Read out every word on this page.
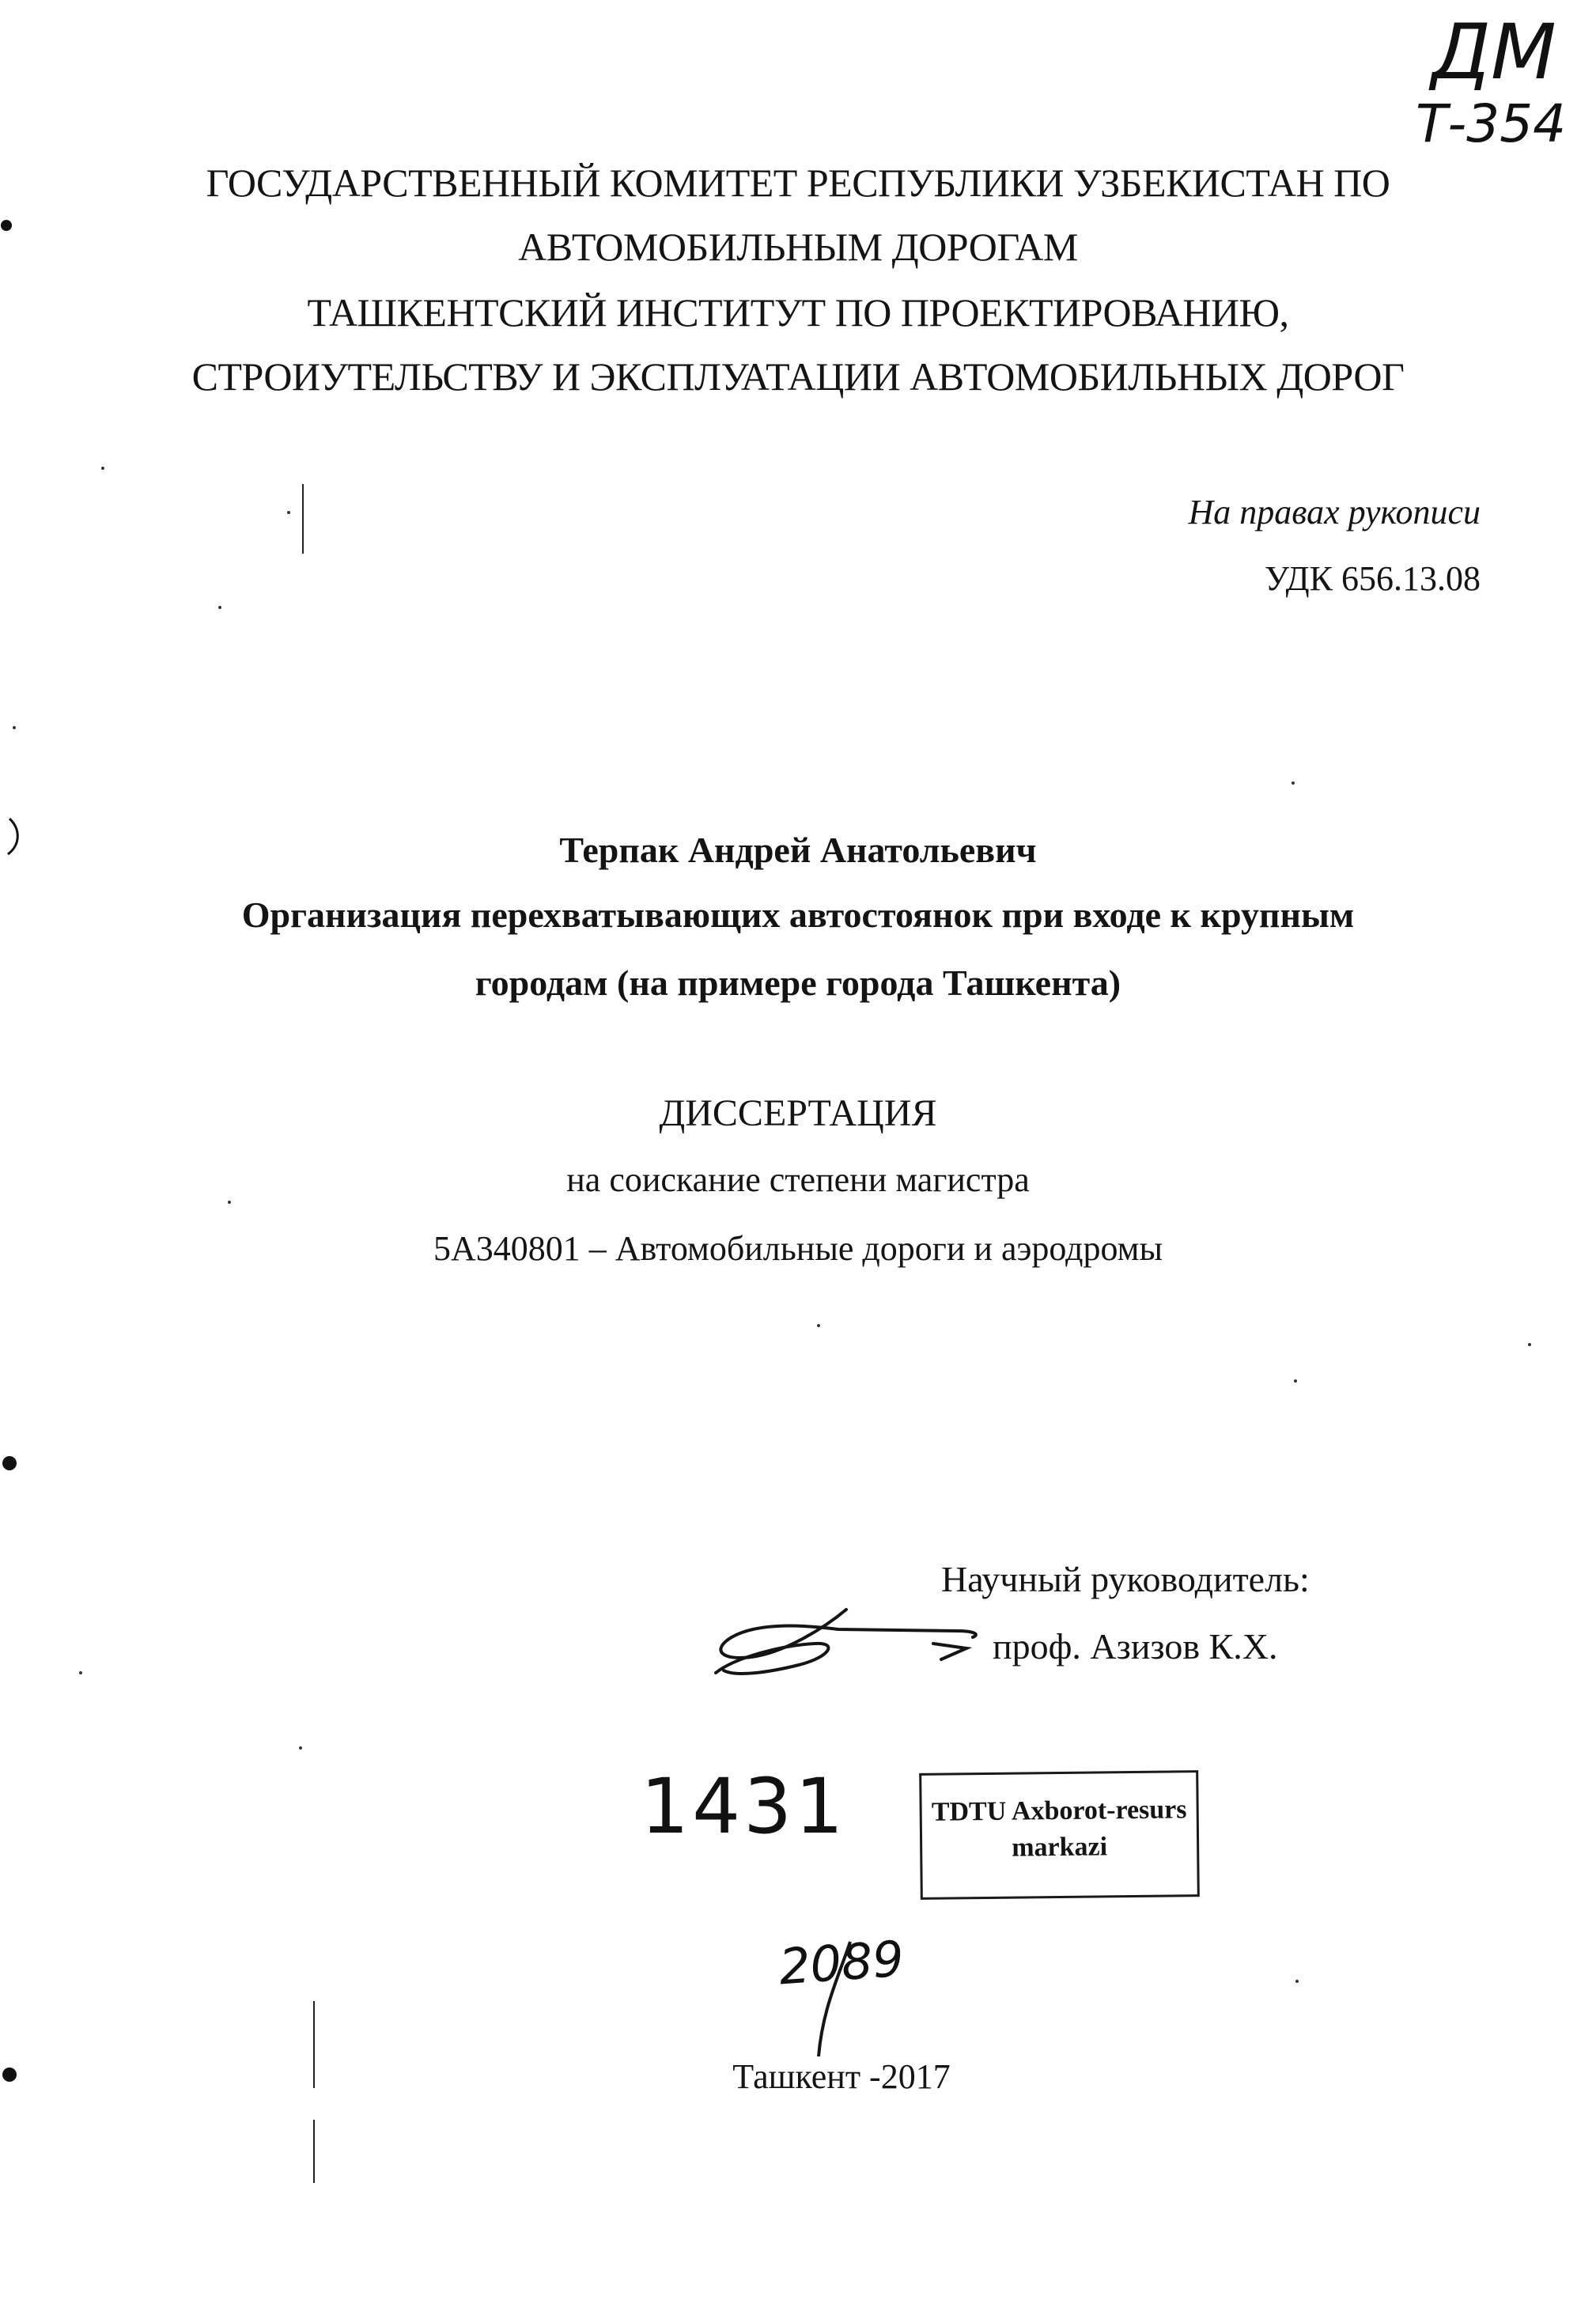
ГОСУДАРСТВЕННЫЙ КОМИТЕТ РЕСПУБЛИКИ УЗБЕКИСТАН ПО
АВТОМОБИЛЬНЫМ ДОРОГАМ
ТАШКЕНТСКИЙ ИНСТИТУТ ПО ПРОЕКТИРОВАНИЮ,
СТРОИУТЕЛЬСТВУ И ЭКСПЛУАТАЦИИ АВТОМОБИЛЬНЫХ ДОРОГ
На правах рукописи
УДК 656.13.08
Терпак Андрей Анатольевич
Организация перехватывающих автостоянок при входе к крупным
городам (на примере города Ташкента)
ДИССЕРТАЦИЯ
на соискание степени магистра
5A340801 – Автомобильные дороги и аэродромы
Научный руководитель:
проф. Азизов К.Х.
ДМ
Т-354
1431
2089
TDTU Axborot-resurs
markazi
Ташкент -2017
